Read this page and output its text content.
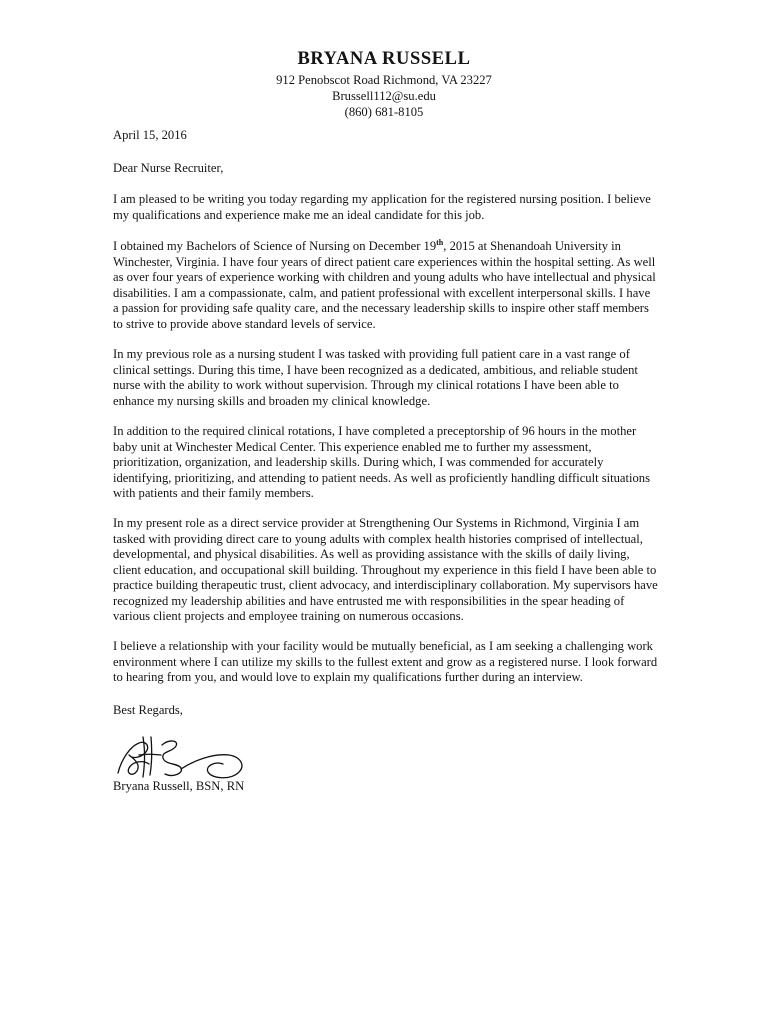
BRYANA RUSSELL
912 Penobscot Road Richmond, VA 23227
Brussell112@su.edu
(860) 681-8105
April 15, 2016
Dear Nurse Recruiter,

I am pleased to be writing you today regarding my application for the registered nursing position. I believe my qualifications and experience make me an ideal candidate for this job.

I obtained my Bachelors of Science of Nursing on December 19th, 2015 at Shenandoah University in Winchester, Virginia. I have four years of direct patient care experiences within the hospital setting. As well as over four years of experience working with children and young adults who have intellectual and physical disabilities. I am a compassionate, calm, and patient professional with excellent interpersonal skills. I have a passion for providing safe quality care, and the necessary leadership skills to inspire other staff members to strive to provide above standard levels of service.

In my previous role as a nursing student I was tasked with providing full patient care in a vast range of clinical settings. During this time, I have been recognized as a dedicated, ambitious, and reliable student nurse with the ability to work without supervision. Through my clinical rotations I have been able to enhance my nursing skills and broaden my clinical knowledge.

In addition to the required clinical rotations, I have completed a preceptorship of 96 hours in the mother baby unit at Winchester Medical Center. This experience enabled me to further my assessment, prioritization, organization, and leadership skills. During which, I was commended for accurately identifying, prioritizing, and attending to patient needs. As well as proficiently handling difficult situations with patients and their family members.

In my present role as a direct service provider at Strengthening Our Systems in Richmond, Virginia I am tasked with providing direct care to young adults with complex health histories comprised of intellectual, developmental, and physical disabilities. As well as providing assistance with the skills of daily living, client education, and occupational skill building. Throughout my experience in this field I have been able to practice building therapeutic trust, client advocacy, and interdisciplinary collaboration. My supervisors have recognized my leadership abilities and have entrusted me with responsibilities in the spear heading of various client projects and employee training on numerous occasions.

I believe a relationship with your facility would be mutually beneficial, as I am seeking a challenging work environment where I can utilize my skills to the fullest extent and grow as a registered nurse. I look forward to hearing from you, and would love to explain my qualifications further during an interview.

Best Regards,
Bryana Russell, BSN, RN
